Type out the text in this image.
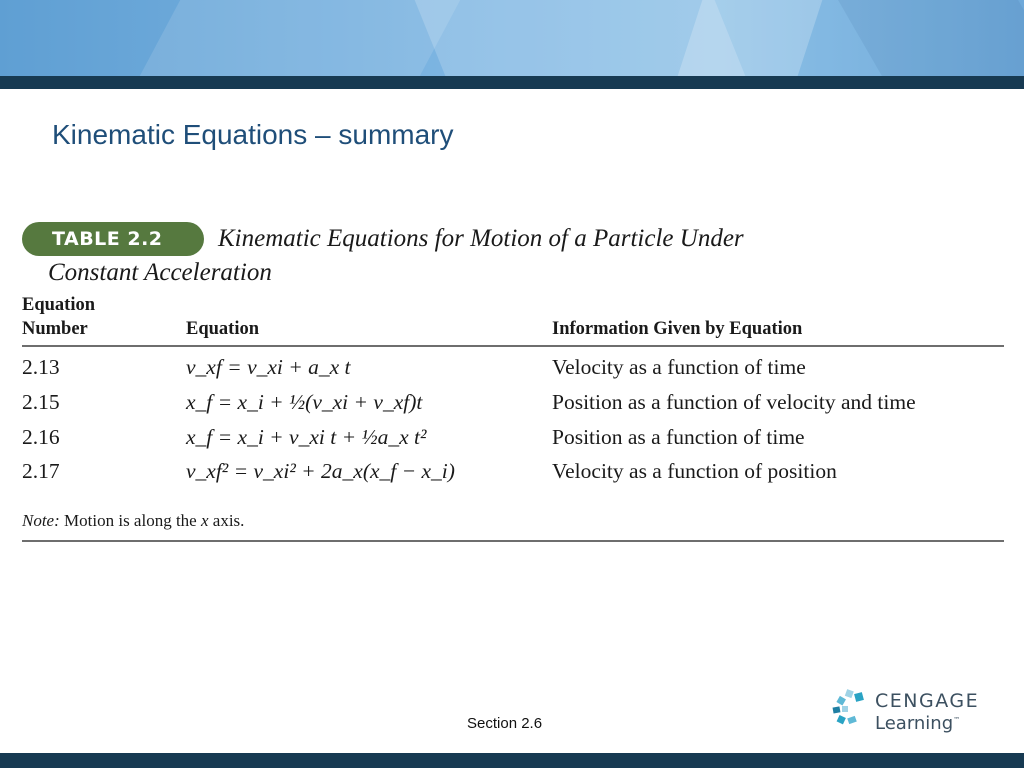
Kinematic Equations – summary
Kinematic Equations for Motion of a Particle Under Constant Acceleration
TABLE 2.2
Equation
Number	Equation	Information Given by Equation
2.13	v_xf = v_xi + a_x t	Velocity as a function of time
2.15	x_f = x_i + ½(v_xi + v_xf)t	Position as a function of velocity and time
2.16	x_f = x_i + v_xi t + ½a_x t²	Position as a function of time
2.17	v_xf² = v_xi² + 2a_x(x_f − x_i)	Velocity as a function of position
Note: Motion is along the x axis.
Section 2.6
CENGAGE
Learning™
